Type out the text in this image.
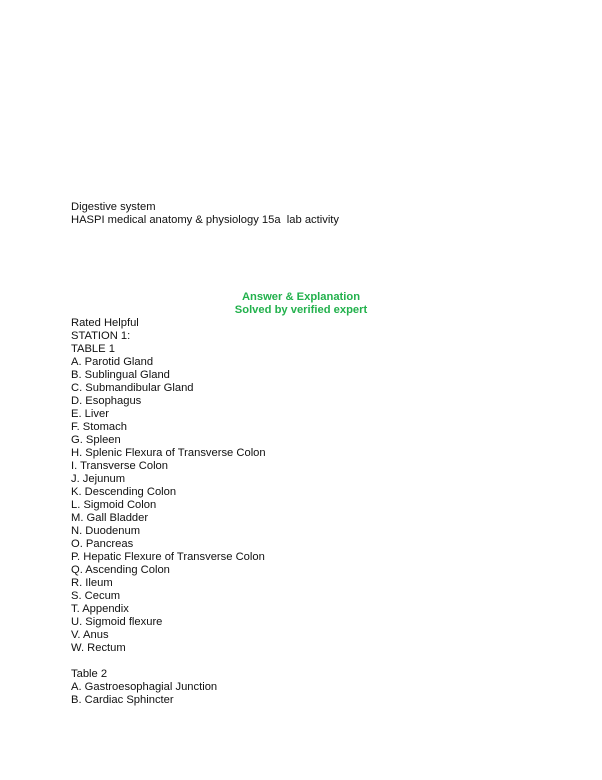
Digestive system
HASPI medical anatomy & physiology 15a  lab activity
Answer & Explanation
Solved by verified expert
Rated Helpful
STATION 1:
TABLE 1
A. Parotid Gland
B. Sublingual Gland
C. Submandibular Gland
D. Esophagus
E. Liver
F. Stomach
G. Spleen
H. Splenic Flexura of Transverse Colon
I. Transverse Colon
J. Jejunum
K. Descending Colon
L. Sigmoid Colon
M. Gall Bladder
N. Duodenum
O. Pancreas
P. Hepatic Flexure of Transverse Colon
Q. Ascending Colon
R. Ileum
S. Cecum
T. Appendix
U. Sigmoid flexure
V. Anus
W. Rectum
Table 2
A. Gastroesophagial Junction
B. Cardiac Sphincter
